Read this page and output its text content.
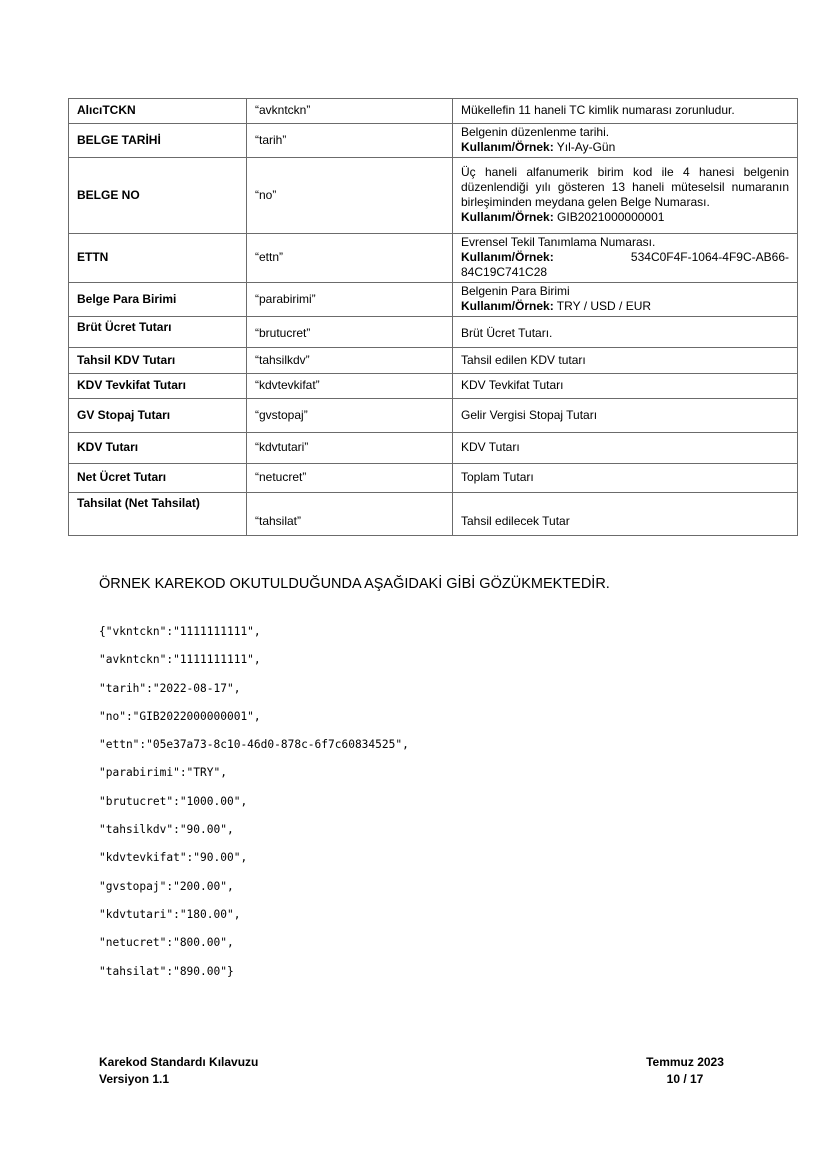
AlıcıTCKN	“avkntckn”	Mükellefin 11 haneli TC kimlik numarası zorunludur.
BELGE TARİHİ	“tarih”	Belgenin düzenlenme tarihi.
Kullanım/Örnek: Yıl-Ay-Gün

BELGE NO	“no”	Üç haneli alfanumerik birim kod ile 4 hanesi belgenin düzenlendiği yılı gösteren 13 haneli müteselsil numaranın birleşiminden meydana gelen Belge Numarası.
Kullanım/Örnek: GIB2021000000001

ETTN	“ettn”	Evrensel Tekil Tanımlama Numarası.
Kullanım/Örnek: 534C0F4F-1064-4F9C-AB66-
84C19C741C28

Belge Para Birimi	“parabirimi”	Belgenin Para Birimi
Kullanım/Örnek: TRY / USD / EUR

Brüt Ücret Tutarı	“brutucret”	Brüt Ücret Tutarı.
Tahsil KDV Tutarı	“tahsilkdv”	Tahsil edilen KDV tutarı
KDV Tevkifat Tutarı	“kdvtevkifat”	KDV Tevkifat Tutarı
GV Stopaj Tutarı	“gvstopaj”	Gelir Vergisi Stopaj Tutarı
KDV Tutarı	“kdvtutari”	KDV Tutarı
Net Ücret Tutarı	“netucret”	Toplam Tutarı
Tahsilat (Net Tahsilat)	“tahsilat”	Tahsil edilecek Tutar

ÖRNEK KAREKOD OKUTULDUĞUNDA AŞAĞIDAKİ GİBİ GÖZÜKMEKTEDİR.

{"vkntckn":"1111111111",
"avkntckn":"1111111111",
"tarih":"2022-08-17",
"no":"GIB2022000000001",
"ettn":"05e37a73-8c10-46d0-878c-6f7c60834525",
"parabirimi":"TRY",
"brutucret":"1000.00",
"tahsilkdv":"90.00",
"kdvtevkifat":"90.00",
"gvstopaj":"200.00",
"kdvtutari":"180.00",
"netucret":"800.00",
"tahsilat":"890.00"}
Karekod Standardı Kılavuzu
Versiyon 1.1
Temmuz 2023
10 / 17
